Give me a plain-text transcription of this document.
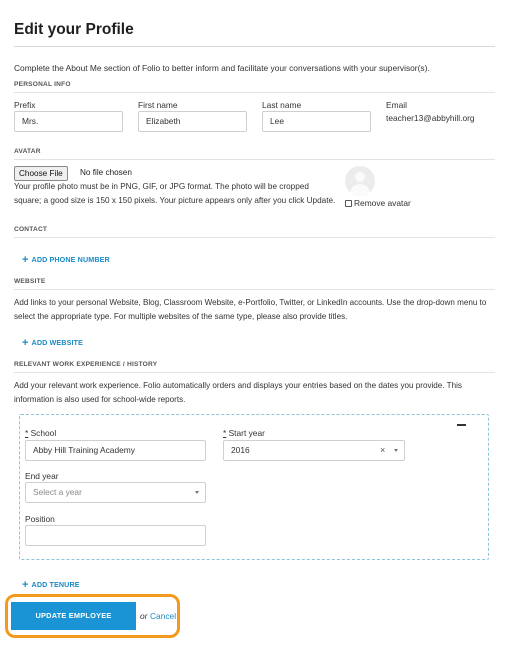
Edit your Profile
Complete the About Me section of Folio to better inform and facilitate your conversations with your supervisor(s).
PERSONAL INFO
Prefix
Mrs.
First name
Elizabeth
Last name
Lee
Email
teacher13@abbyhill.org
AVATAR
Choose File	No file chosen
Your profile photo must be in PNG, GIF, or JPG format. The photo will be cropped
square; a good size is 150 x 150 pixels. Your picture appears only after you click Update. Remove avatar
CONTACT
+ ADD PHONE NUMBER
WEBSITE
Add links to your personal Website, Blog, Classroom Website, e-Portfolio, Twitter, or LinkedIn accounts. Use the drop-down menu to
select the appropriate type. For multiple websites of the same type, please also provide titles.
+ ADD WEBSITE
RELEVANT WORK EXPERIENCE / HISTORY
Add your relevant work experience. Folio automatically orders and displays your entries based on the dates you provide. This
information is also used for school-wide reports.
* School
Abby Hill Training Academy
* Start year
2016	×
End year
Select a year
Position
+ ADD TENURE
UPDATE EMPLOYEE	or Cancel
